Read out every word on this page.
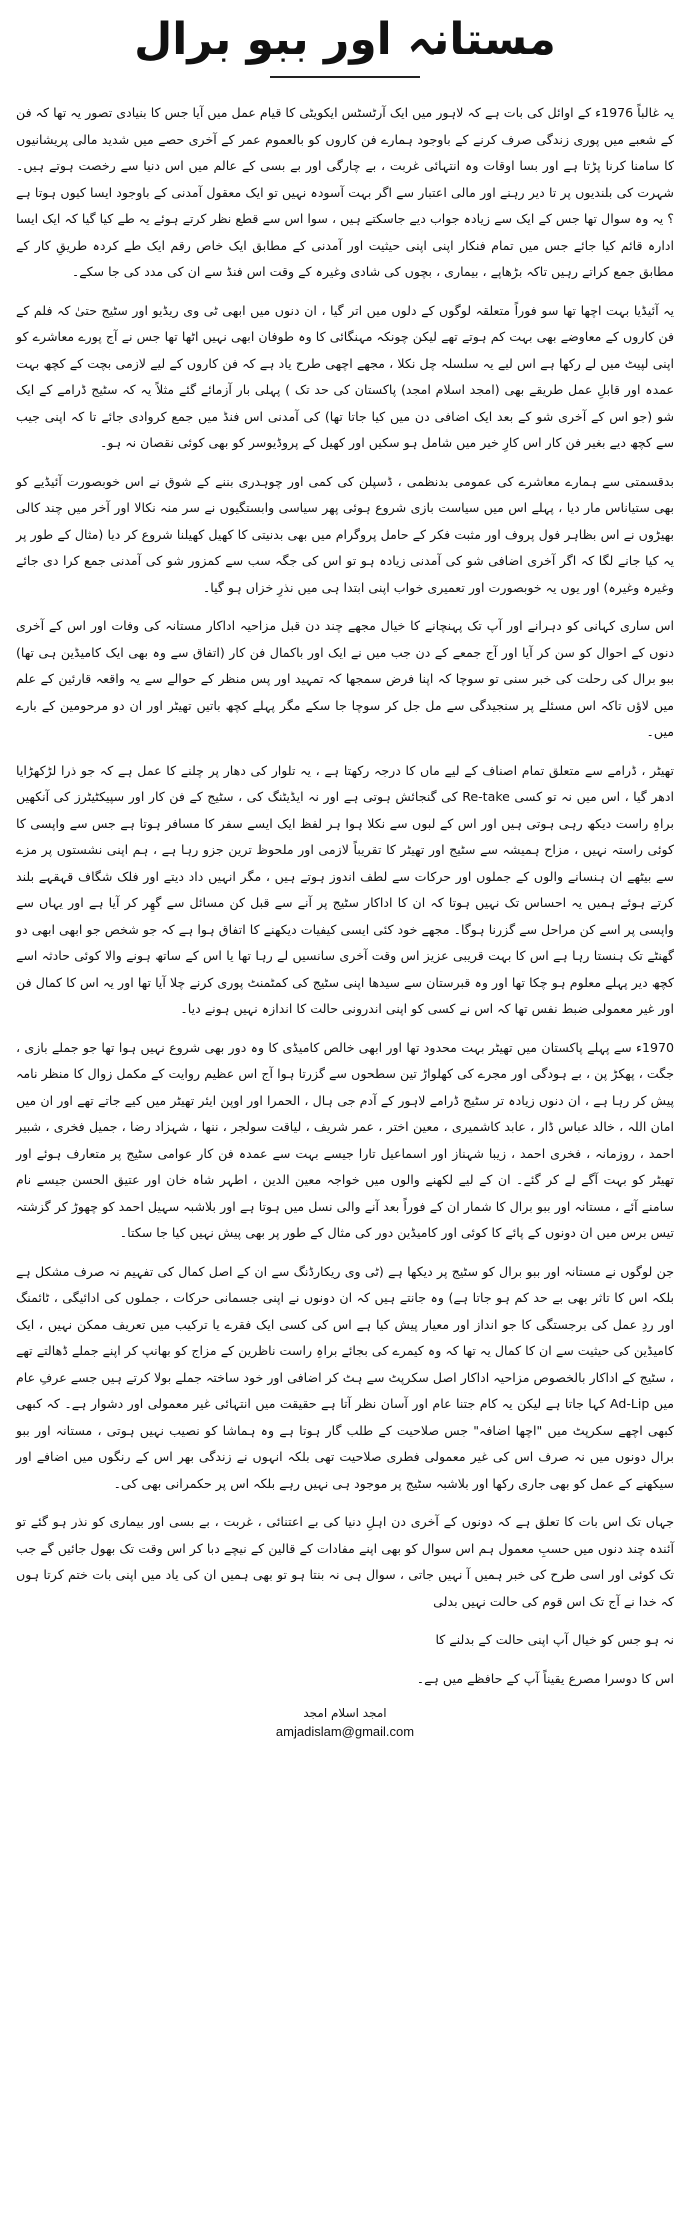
مستانہ اور ببو برال

یہ غالباً 1976ء کے اوائل کی بات ہے کہ لاہور میں ایک آرٹسٹس ایکویٹی کا قیام عمل میں آیا جس کا بنیادی تصور یہ تھا کہ فن کے شعبے میں پوری زندگی صرف کرنے کے باوجود ہمارے فن کاروں کو بالعموم عمر کے آخری حصے میں شدید مالی پریشانیوں کا سامنا کرنا پڑتا ہے اور بسا اوقات وہ انتہائی غربت ، بے چارگی اور بے بسی کے عالم میں اس دنیا سے رخصت ہوتے ہیں۔ شہرت کی بلندیوں پر تا دیر رہنے اور مالی اعتبار سے اگر بہت آسودہ نہیں تو ایک معقول آمدنی کے باوجود ایسا کیوں ہوتا ہے ؟ یہ وہ سوال تھا جس کے ایک سے زیادہ جواب دیے جاسکتے ہیں ، سوا اس سے قطع نظر کرتے ہوئے یہ طے کیا گیا کہ ایک ایسا ادارہ قائم کیا جائے جس میں تمام فنکار اپنی اپنی حیثیت اور آمدنی کے مطابق ایک خاص رقم ایک طے کردہ طریقِ کار کے مطابق جمع کراتے رہیں تاکہ بڑھاپے ، بیماری ، بچوں کی شادی وغیرہ کے وقت اس فنڈ سے ان کی مدد کی جا سکے۔

یہ آئیڈیا بہت اچھا تھا سو فوراً متعلقہ لوگوں کے دلوں میں اتر گیا ، ان دنوں میں ابھی ٹی وی ریڈیو اور سٹیج حتیٰ کہ فلم کے فن کاروں کے معاوضے بھی بہت کم ہوتے تھے لیکن چونکہ مہنگائی کا وہ طوفان ابھی نہیں اٹھا تھا جس نے آج پورے معاشرے کو اپنی لپیٹ میں لے رکھا ہے اس لیے یہ سلسلہ چل نکلا ، مجھے اچھی طرح یاد ہے کہ فن کاروں کے لیے لازمی بچت کے کچھ بہت عمدہ اور قابلِ عمل طریقے بھی (امجد اسلام امجد) پاکستان کی حد تک ) پہلی بار آزمائے گئے مثلاً یہ کہ سٹیج ڈرامے کے ایک شو (جو اس کے آخری شو کے بعد ایک اضافی دن میں کیا جاتا تھا) کی آمدنی اس فنڈ میں جمع کروادی جائے تا کہ اپنی جیب سے کچھ دیے بغیر فن کار اس کارِ خیر میں شامل ہو سکیں اور کھیل کے پروڈیوسر کو بھی کوئی نقصان نہ ہو۔

بدقسمتی سے ہمارے معاشرے کی عمومی بدنظمی ، ڈسپلن کی کمی اور چوہدری بننے کے شوق نے اس خوبصورت آئیڈیے کو بھی ستیاناس مار دیا ، پہلے اس میں سیاست بازی شروع ہوئی پھر سیاسی وابستگیوں نے سر منہ نکالا اور آخر میں چند کالی بھیڑوں نے اس بظاہر فول پروف اور مثبت فکر کے حامل پروگرام میں بھی بدنیتی کا کھیل کھیلنا شروع کر دیا (مثال کے طور پر یہ کیا جانے لگا کہ اگر آخری اضافی شو کی آمدنی زیادہ ہو تو اس کی جگہ سب سے کمزور شو کی آمدنی جمع کرا دی جائے وغیرہ وغیرہ) اور یوں یہ خوبصورت اور تعمیری خواب اپنی ابتدا ہی میں نذرِ خزاں ہو گیا۔

اس ساری کہانی کو دہرانے اور آپ تک پہنچانے کا خیال مجھے چند دن قبل مزاحیہ اداکار مستانہ کی وفات اور اس کے آخری دنوں کے احوال کو سن کر آیا اور آج جمعے کے دن جب میں نے ایک اور باکمال فن کار (اتفاق سے وہ بھی ایک کامیڈین ہی تھا) ببو برال کی رحلت کی خبر سنی تو سوچا کہ اپنا فرض سمجھا کہ تمہید اور پس منظر کے حوالے سے یہ واقعہ قارئین کے علم میں لاؤں تاکہ اس مسئلے پر سنجیدگی سے مل جل کر سوچا جا سکے مگر پہلے کچھ باتیں تھیٹر اور ان دو مرحومین کے بارے میں۔

تھیٹر ، ڈرامے سے متعلق تمام اصناف کے لیے ماں کا درجہ رکھتا ہے ، یہ تلوار کی دھار پر چلنے کا عمل ہے کہ جو ذرا لڑکھڑایا ادھر گیا ، اس میں نہ تو کسی Re-take کی گنجائش ہوتی ہے اور نہ ایڈیٹنگ کی ، سٹیج کے فن کار اور سپیکٹیٹرز کی آنکھیں براہِ راست دیکھ رہی ہوتی ہیں اور اس کے لبوں سے نکلا ہوا ہر لفظ ایک ایسے سفر کا مسافر ہوتا ہے جس سے واپسی کا کوئی راستہ نہیں ، مزاح ہمیشہ سے سٹیج اور تھیٹر کا تقریباً لازمی اور ملحوظ ترین جزو رہا ہے ، ہم اپنی نشستوں پر مزے سے بیٹھے ان ہنسانے والوں کے جملوں اور حرکات سے لطف اندوز ہوتے ہیں ، مگر انہیں داد دیتے اور فلک شگاف قہقہے بلند کرتے ہوئے ہمیں یہ احساس تک نہیں ہوتا کہ ان کا اداکار سٹیج پر آنے سے قبل کن مسائل سے گھِر کر آیا ہے اور یہاں سے واپسی پر اسے کن مراحل سے گزرنا ہوگا۔ مجھے خود کئی ایسی کیفیات دیکھنے کا اتفاق ہوا ہے کہ جو شخص جو ابھی ابھی دو گھنٹے تک ہنستا رہا ہے اس کا بہت قریبی عزیز اس وقت آخری سانسیں لے رہا تھا یا اس کے ساتھ ہونے والا کوئی حادثہ اسے کچھ دیر پہلے معلوم ہو چکا تھا اور وہ قبرستان سے سیدھا اپنی سٹیج کی کمٹمنٹ پوری کرنے چلا آیا تھا اور یہ اس کا کمال فن اور غیر معمولی ضبط نفس تھا کہ اس نے کسی کو اپنی اندرونی حالت کا اندازہ نہیں ہونے دیا۔

1970ء سے پہلے پاکستان میں تھیٹر بہت محدود تھا اور ابھی خالص کامیڈی کا وہ دور بھی شروع نہیں ہوا تھا جو جملے بازی ، جگت ، پھکڑ پن ، بے ہودگی اور مجرے کی کھلواڑ تین سطحوں سے گزرتا ہوا آج اس عظیم روایت کے مکمل زوال کا منظر نامہ پیش کر رہا ہے ، ان دنوں زیادہ تر سٹیج ڈرامے لاہور کے آدم جی ہال ، الحمرا اور اوپن ایئر تھیٹر میں کیے جاتے تھے اور ان میں امان اللہ ، خالد عباس ڈار ، عابد کاشمیری ، معین اختر ، عمر شریف ، لیاقت سولجر ، ننھا ، شہزاد رضا ، جمیل فخری ، شبیر احمد ، روزمانہ ، فخری احمد ، زیبا شہناز اور اسماعیل تارا جیسے بہت سے عمدہ فن کار عوامی سٹیج پر متعارف ہوئے اور تھیٹر کو بہت آگے لے کر گئے۔ ان کے لیے لکھنے والوں میں خواجہ معین الدین ، اطہر شاہ خان اور عتیق الحسن جیسے نام سامنے آئے ، مستانہ اور ببو برال کا شمار ان کے فوراً بعد آنے والی نسل میں ہوتا ہے اور بلاشبہ سہیل احمد کو چھوڑ کر گزشتہ تیس برس میں ان دونوں کے پائے کا کوئی اور کامیڈین دور کی مثال کے طور پر بھی پیش نہیں کیا جا سکتا۔

جن لوگوں نے مستانہ اور ببو برال کو سٹیج پر دیکھا ہے (ٹی وی ریکارڈنگ سے ان کے اصل کمال کی تفہیم نہ صرف مشکل ہے بلکہ اس کا تاثر بھی بے حد کم ہو جاتا ہے) وہ جانتے ہیں کہ ان دونوں نے اپنی جسمانی حرکات ، جملوں کی ادائیگی ، ٹائمنگ اور ردِ عمل کی برجستگی کا جو انداز اور معیار پیش کیا ہے اس کی کسی ایک فقرے یا ترکیب میں تعریف ممکن نہیں ، ایک کامیڈین کی حیثیت سے ان کا کمال یہ تھا کہ وہ کیمرے کی بجائے براہِ راست ناظرین کے مزاج کو بھانپ کر اپنے جملے ڈھالتے تھے ، سٹیج کے اداکار بالخصوص مزاحیہ اداکار اصل سکرپٹ سے ہٹ کر اضافی اور خود ساختہ جملے بولا کرتے ہیں جسے عرفِ عام میں Ad-Lip کہا جاتا ہے لیکن یہ کام جتنا عام اور آسان نظر آتا ہے حقیقت میں انتہائی غیر معمولی اور دشوار ہے۔ کہ کبھی کبھی اچھے سکرپٹ میں "اچھا اضافہ" جس صلاحیت کے طلب گار ہوتا ہے وہ ہماشا کو نصیب نہیں ہوتی ، مستانہ اور ببو برال دونوں میں نہ صرف اس کی غیر معمولی فطری صلاحیت تھی بلکہ انہوں نے زندگی بھر اس کے رنگوں میں اضافے اور سیکھنے کے عمل کو بھی جاری رکھا اور بلاشبہ سٹیج پر موجود ہی نہیں رہے بلکہ اس پر حکمرانی بھی کی۔

جہاں تک اس بات کا تعلق ہے کہ دونوں کے آخری دن اہلِ دنیا کی بے اعتنائی ، غربت ، بے بسی اور بیماری کو نذر ہو گئے تو آئندہ چند دنوں میں حسبِ معمول ہم اس سوال کو بھی اپنے مفادات کے قالین کے نیچے دبا کر اس وقت تک بھول جائیں گے جب تک کوئی اور اسی طرح کی خبر ہمیں آ نہیں جاتی ، سوال ہی نہ بنتا ہو تو بھی ہمیں ان کی یاد میں اپنی بات ختم کرتا ہوں کہ خدا نے آج تک اس قوم کی حالت نہیں بدلی

نہ ہو جس کو خیال آپ اپنی حالت کے بدلنے کا

اس کا دوسرا مصرع یقیناً آپ کے حافظے میں ہے۔

امجد اسلام امجد
amjadislam@gmail.com
